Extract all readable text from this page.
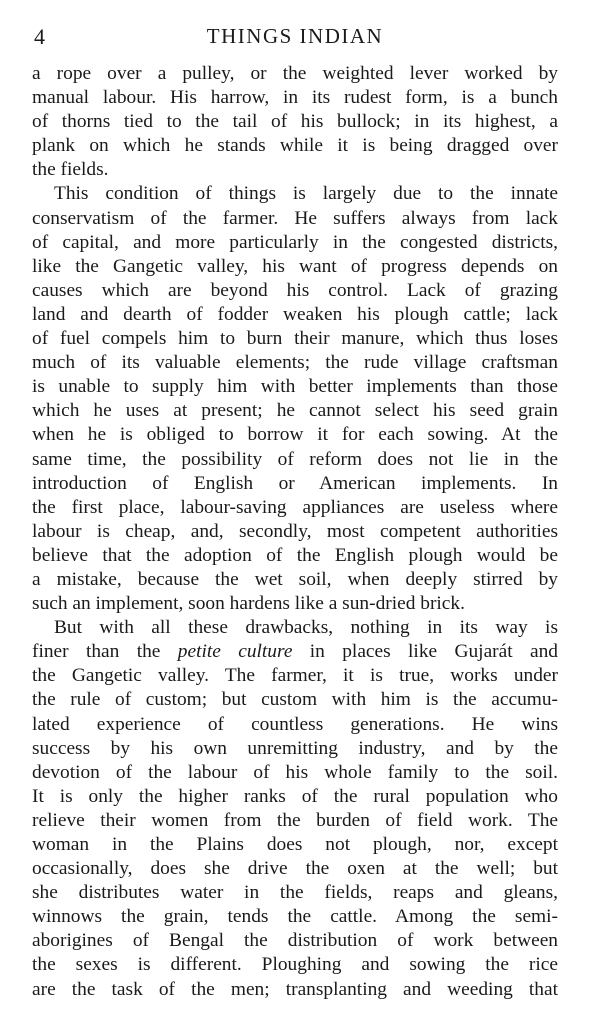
4	THINGS INDIAN
a rope over a pulley, or the weighted lever worked by
manual labour. His harrow, in its rudest form, is a bunch
of thorns tied to the tail of his bullock; in its highest, a
plank on which he stands while it is being dragged over
the fields.
This condition of things is largely due to the innate
conservatism of the farmer. He suffers always from lack
of capital, and more particularly in the congested districts,
like the Gangetic valley, his want of progress depends on
causes which are beyond his control. Lack of grazing
land and dearth of fodder weaken his plough cattle; lack
of fuel compels him to burn their manure, which thus loses
much of its valuable elements; the rude village craftsman
is unable to supply him with better implements than those
which he uses at present; he cannot select his seed grain
when he is obliged to borrow it for each sowing. At the
same time, the possibility of reform does not lie in the
introduction of English or American implements. In
the first place, labour-saving appliances are useless where
labour is cheap, and, secondly, most competent authorities
believe that the adoption of the English plough would be
a mistake, because the wet soil, when deeply stirred by
such an implement, soon hardens like a sun-dried brick.
But with all these drawbacks, nothing in its way is
finer than the petite culture in places like Gujarát and
the Gangetic valley. The farmer, it is true, works under
the rule of custom; but custom with him is the accumu-
lated experience of countless generations. He wins
success by his own unremitting industry, and by the
devotion of the labour of his whole family to the soil.
It is only the higher ranks of the rural population who
relieve their women from the burden of field work. The
woman in the Plains does not plough, nor, except
occasionally, does she drive the oxen at the well; but
she distributes water in the fields, reaps and gleans,
winnows the grain, tends the cattle. Among the semi-
aborigines of Bengal the distribution of work between
the sexes is different. Ploughing and sowing the rice
are the task of the men; transplanting and weeding that
